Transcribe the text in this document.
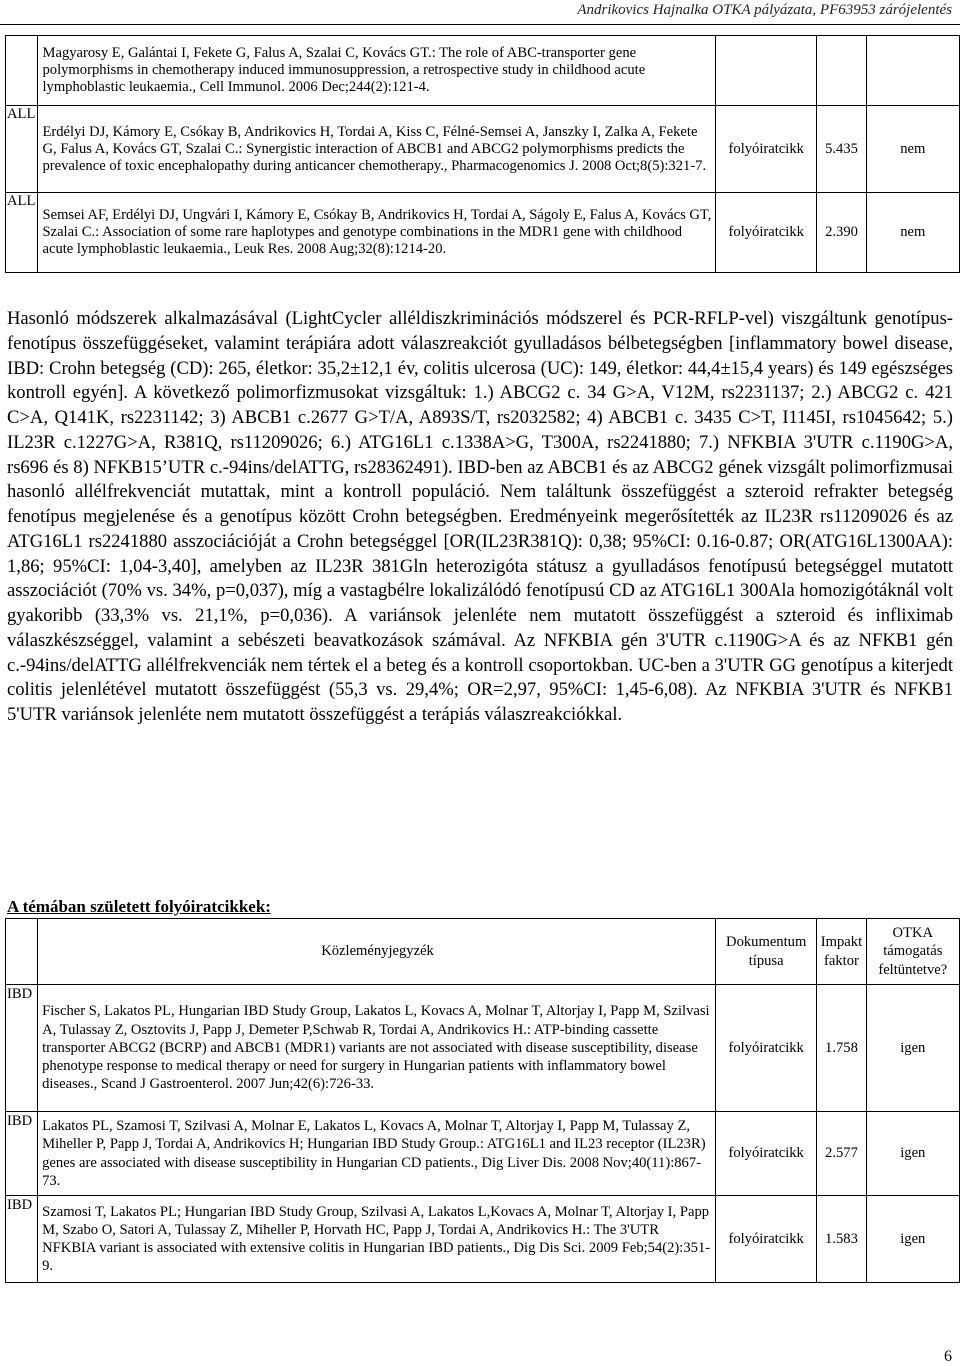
Andrikovics Hajnalka OTKA pályázata, PF63953 zárójelentés
	Magyarosy E, Galántai I, Fekete G, Falus A, Szalai C, Kovács GT.: The role of ABC-transporter gene polymorphisms in chemotherapy induced immunosuppression, a retrospective study in childhood acute lymphoblastic leukaemia., Cell Immunol. 2006 Dec;244(2):121-4.			
ALL	Erdélyi DJ, Kámory E, Csókay B, Andrikovics H, Tordai A, Kiss C, Félné-Semsei A, Janszky I, Zalka A, Fekete G, Falus A, Kovács GT, Szalai C.: Synergistic interaction of ABCB1 and ABCG2 polymorphisms predicts the prevalence of toxic encephalopathy during anticancer chemotherapy., Pharmacogenomics J. 2008 Oct;8(5):321-7.	folyóiratcikk	5.435	nem
ALL	Semsei AF, Erdélyi DJ, Ungvári I, Kámory E, Csókay B, Andrikovics H, Tordai A, Ságoly E, Falus A, Kovács GT, Szalai C.: Association of some rare haplotypes and genotype combinations in the MDR1 gene with childhood acute lymphoblastic leukaemia., Leuk Res. 2008 Aug;32(8):1214-20.	folyóiratcikk	2.390	nem
Hasonló módszerek alkalmazásával (LightCycler alléldiszkriminációs módszerel és PCR-RFLP-vel) viszgáltunk genotípus-fenotípus összefüggéseket, valamint terápiára adott válaszreakciót gyulladásos bélbetegségben [inflammatory bowel disease, IBD: Crohn betegség (CD): 265, életkor: 35,2±12,1 év, colitis ulcerosa (UC): 149, életkor: 44,4±15,4 years) és 149 egészséges kontroll egyén]. A következő polimorfizmusokat vizsgáltuk: 1.) ABCG2 c. 34 G>A, V12M, rs2231137; 2.) ABCG2 c. 421 C>A, Q141K, rs2231142; 3) ABCB1 c.2677 G>T/A, A893S/T, rs2032582; 4) ABCB1 c. 3435 C>T, I1145I, rs1045642; 5.) IL23R c.1227G>A, R381Q, rs11209026; 6.) ATG16L1 c.1338A>G, T300A, rs2241880; 7.) NFKBIA 3'UTR c.1190G>A, rs696 és 8) NFKB15’UTR c.-94ins/delATTG, rs28362491). IBD-ben az ABCB1 és az ABCG2 gének vizsgált polimorfizmusai hasonló allélfrekvenciát mutattak, mint a kontroll populáció. Nem találtunk összefüggést a szteroid refrakter betegség fenotípus megjelenése és a genotípus között Crohn betegségben. Eredményeink megerősítették az IL23R rs11209026 és az ATG16L1 rs2241880 asszociációját a Crohn betegséggel [OR(IL23R381Q): 0,38; 95%CI: 0.16-0.87; OR(ATG16L1300AA): 1,86; 95%CI: 1,04-3,40], amelyben az IL23R 381Gln heterozigóta státusz a gyulladásos fenotípusú betegséggel mutatott asszociációt (70% vs. 34%, p=0,037), míg a vastagbélre lokalizálódó fenotípusú CD az ATG16L1 300Ala homozigótáknál volt gyakoribb (33,3% vs. 21,1%, p=0,036). A variánsok jelenléte nem mutatott összefüggést a szteroid és infliximab válaszkészséggel, valamint a sebészeti beavatkozások számával. Az NFKBIA gén 3'UTR c.1190G>A és az NFKB1 gén c.-94ins/delATTG allélfrekvenciák nem tértek el a beteg és a kontroll csoportokban. UC-ben a 3'UTR GG genotípus a kiterjedt colitis jelenlétével mutatott összefüggést (55,3 vs. 29,4%; OR=2,97, 95%CI: 1,45-6,08). Az NFKBIA 3'UTR és NFKB1 5'UTR variánsok jelenléte nem mutatott összefüggést a terápiás válaszreakciókkal.
A témában született folyóiratcikkek:
	Közleményjegyzék	Dokumentum típusa	Impakt faktor	OTKA támogatás feltüntetve?
IBD	Fischer S, Lakatos PL, Hungarian IBD Study Group, Lakatos L, Kovacs A, Molnar T, Altorjay I, Papp M, Szilvasi A, Tulassay Z, Osztovits J, Papp J, Demeter P,Schwab R, Tordai A, Andrikovics H.: ATP-binding cassette transporter ABCG2 (BCRP) and ABCB1 (MDR1) variants are not associated with disease susceptibility, disease phenotype response to medical therapy or need for surgery in Hungarian patients with inflammatory bowel diseases., Scand J Gastroenterol. 2007 Jun;42(6):726-33.	folyóiratcikk	1.758	igen
IBD	Lakatos PL, Szamosi T, Szilvasi A, Molnar E, Lakatos L, Kovacs A, Molnar T, Altorjay I, Papp M, Tulassay Z, Miheller P, Papp J, Tordai A, Andrikovics H; Hungarian IBD Study Group.: ATG16L1 and IL23 receptor (IL23R) genes are associated with disease susceptibility in Hungarian CD patients., Dig Liver Dis. 2008 Nov;40(11):867-73.	folyóiratcikk	2.577	igen
IBD	Szamosi T, Lakatos PL; Hungarian IBD Study Group, Szilvasi A, Lakatos L,Kovacs A, Molnar T, Altorjay I, Papp M, Szabo O, Satori A, Tulassay Z, Miheller P, Horvath HC, Papp J, Tordai A, Andrikovics H.: The 3'UTR NFKBIA variant is associated with extensive colitis in Hungarian IBD patients., Dig Dis Sci. 2009 Feb;54(2):351-9.	folyóiratcikk	1.583	igen
6
